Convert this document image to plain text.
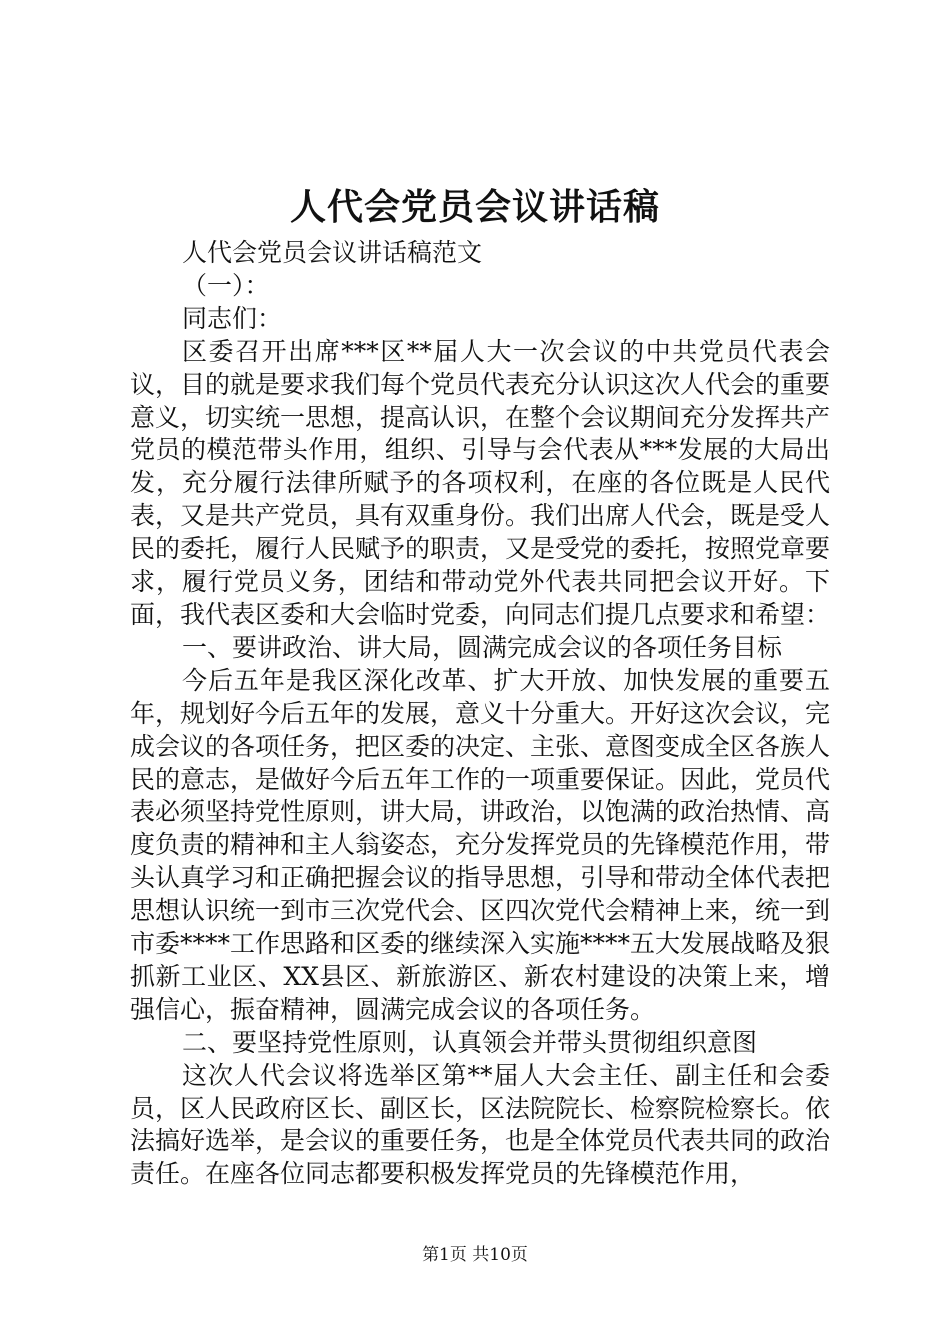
人代会党员会议讲话稿

人代会党员会议讲话稿范文

（一）：

同志们：

区委召开出席***区**届人大一次会议的中共党员代表会议，目的就是要求我们每个党员代表充分认识这次人代会的重要意义，切实统一思想，提高认识，在整个会议期间充分发挥共产党员的模范带头作用，组织、引导与会代表从***发展的大局出发，充分履行法律所赋予的各项权利，在座的各位既是人民代表，又是共产党员，具有双重身份。我们出席人代会，既是受人民的委托，履行人民赋予的职责，又是受党的委托，按照党章要求，履行党员义务，团结和带动党外代表共同把会议开好。下面，我代表区委和大会临时党委，向同志们提几点要求和希望：

一、要讲政治、讲大局，圆满完成会议的各项任务目标

今后五年是我区深化改革、扩大开放、加快发展的重要五年，规划好今后五年的发展，意义十分重大。开好这次会议，完成会议的各项任务，把区委的决定、主张、意图变成全区各族人民的意志，是做好今后五年工作的一项重要保证。因此，党员代表必须坚持党性原则，讲大局，讲政治，以饱满的政治热情、高度负责的精神和主人翁姿态，充分发挥党员的先锋模范作用，带头认真学习和正确把握会议的指导思想，引导和带动全体代表把思想认识统一到市三次党代会、区四次党代会精神上来，统一到市委****工作思路和区委的继续深入实施****五大发展战略及狠抓新工业区、XX县区、新旅游区、新农村建设的决策上来，增强信心，振奋精神，圆满完成会议的各项任务。

二、要坚持党性原则，认真领会并带头贯彻组织意图

这次人代会议将选举区第**届人大会主任、副主任和会委员，区人民政府区长、副区长，区法院院长、检察院检察长。依法搞好选举，是会议的重要任务，也是全体党员代表共同的政治责任。在座各位同志都要积极发挥党员的先锋模范作用，

第1页 共10页
